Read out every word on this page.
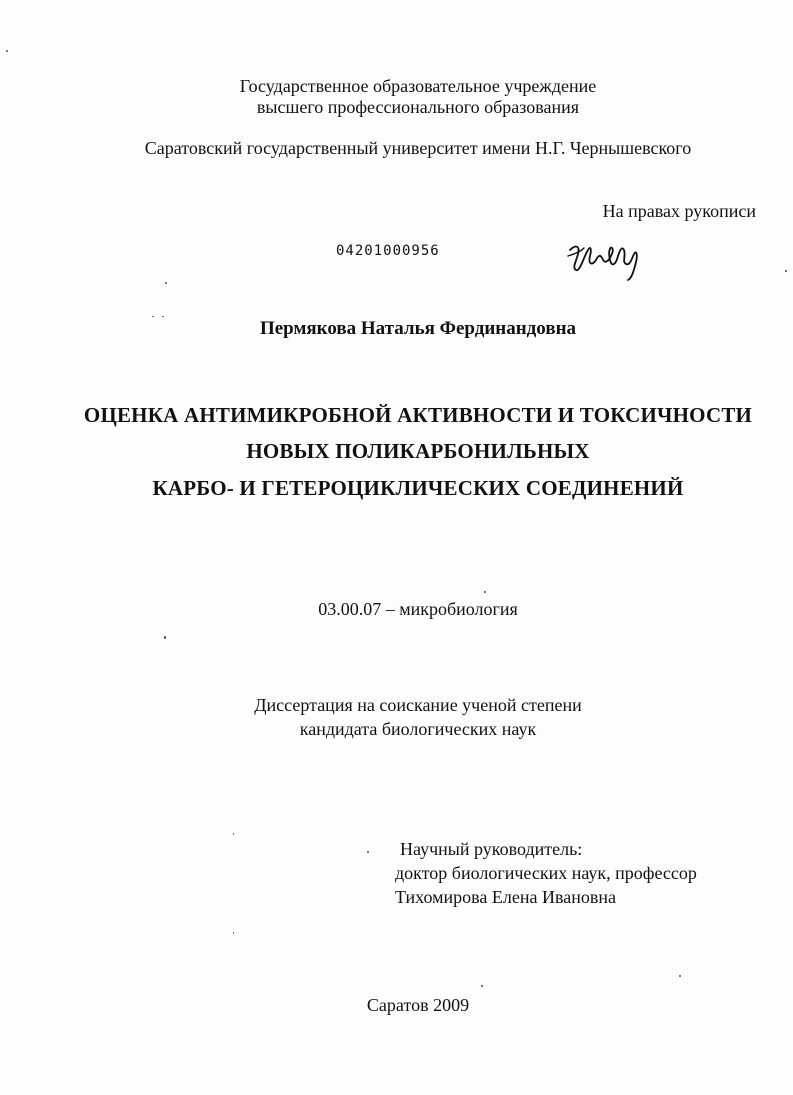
Государственное образовательное учреждение
высшего профессионального образования
Саратовский государственный университет имени Н.Г. Чернышевского
На правах рукописи
04201000956
Пермякова Наталья Фердинандовна
ОЦЕНКА АНТИМИКРОБНОЙ АКТИВНОСТИ И ТОКСИЧНОСТИ
НОВЫХ ПОЛИКАРБОНИЛЬНЫХ
КАРБО- И ГЕТЕРОЦИКЛИЧЕСКИХ СОЕДИНЕНИЙ
03.00.07 – микробиология
Диссертация на соискание ученой степени
кандидата биологических наук
Научный руководитель:
доктор биологических наук, профессор
Тихомирова Елена Ивановна
Саратов 2009
